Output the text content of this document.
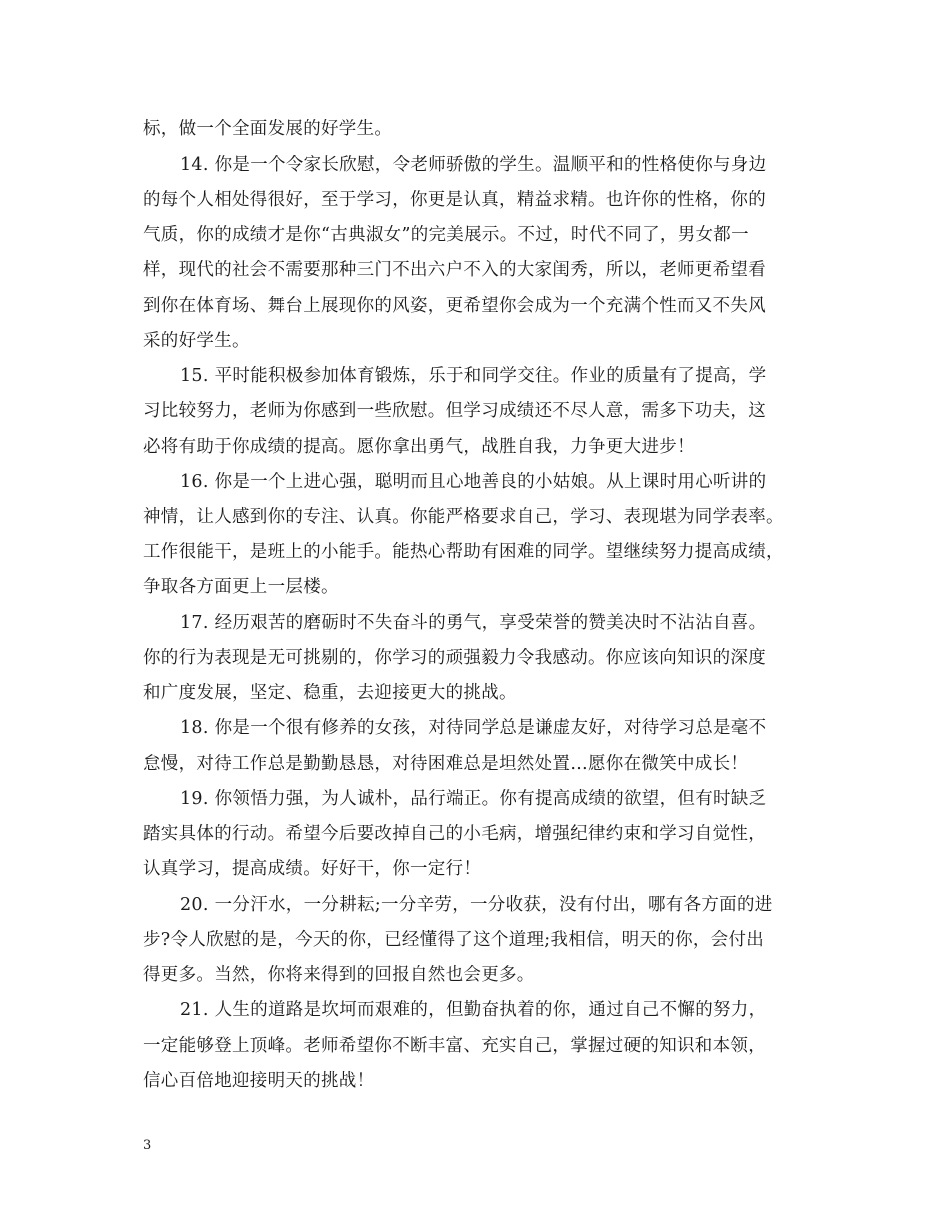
标，做一个全面发展的好学生。
14. 你是一个令家长欣慰，令老师骄傲的学生。温顺平和的性格使你与身边
的每个人相处得很好，至于学习，你更是认真，精益求精。也许你的性格，你的
气质，你的成绩才是你“古典淑女”的完美展示。不过，时代不同了，男女都一
样，现代的社会不需要那种三门不出六户不入的大家闺秀，所以，老师更希望看
到你在体育场、舞台上展现你的风姿，更希望你会成为一个充满个性而又不失风
采的好学生。
15. 平时能积极参加体育锻炼，乐于和同学交往。作业的质量有了提高，学
习比较努力，老师为你感到一些欣慰。但学习成绩还不尽人意，需多下功夫，这
必将有助于你成绩的提高。愿你拿出勇气，战胜自我，力争更大进步！
16. 你是一个上进心强，聪明而且心地善良的小姑娘。从上课时用心听讲的
神情，让人感到你的专注、认真。你能严格要求自己，学习、表现堪为同学表率。
工作很能干，是班上的小能手。能热心帮助有困难的同学。望继续努力提高成绩，
争取各方面更上一层楼。
17. 经历艰苦的磨砺时不失奋斗的勇气，享受荣誉的赞美决时不沾沾自喜。
你的行为表现是无可挑剔的，你学习的顽强毅力令我感动。你应该向知识的深度
和广度发展，坚定、稳重，去迎接更大的挑战。
18. 你是一个很有修养的女孩，对待同学总是谦虚友好，对待学习总是毫不
怠慢，对待工作总是勤勤恳恳，对待困难总是坦然处置…愿你在微笑中成长！
19. 你领悟力强，为人诚朴，品行端正。你有提高成绩的欲望，但有时缺乏
踏实具体的行动。希望今后要改掉自己的小毛病，增强纪律约束和学习自觉性，
认真学习，提高成绩。好好干，你一定行！
20. 一分汗水，一分耕耘;一分辛劳，一分收获，没有付出，哪有各方面的进
步?令人欣慰的是，今天的你，已经懂得了这个道理;我相信，明天的你，会付出
得更多。当然，你将来得到的回报自然也会更多。
21. 人生的道路是坎坷而艰难的，但勤奋执着的你，通过自己不懈的努力，
一定能够登上顶峰。老师希望你不断丰富、充实自己，掌握过硬的知识和本领，
信心百倍地迎接明天的挑战！
3
